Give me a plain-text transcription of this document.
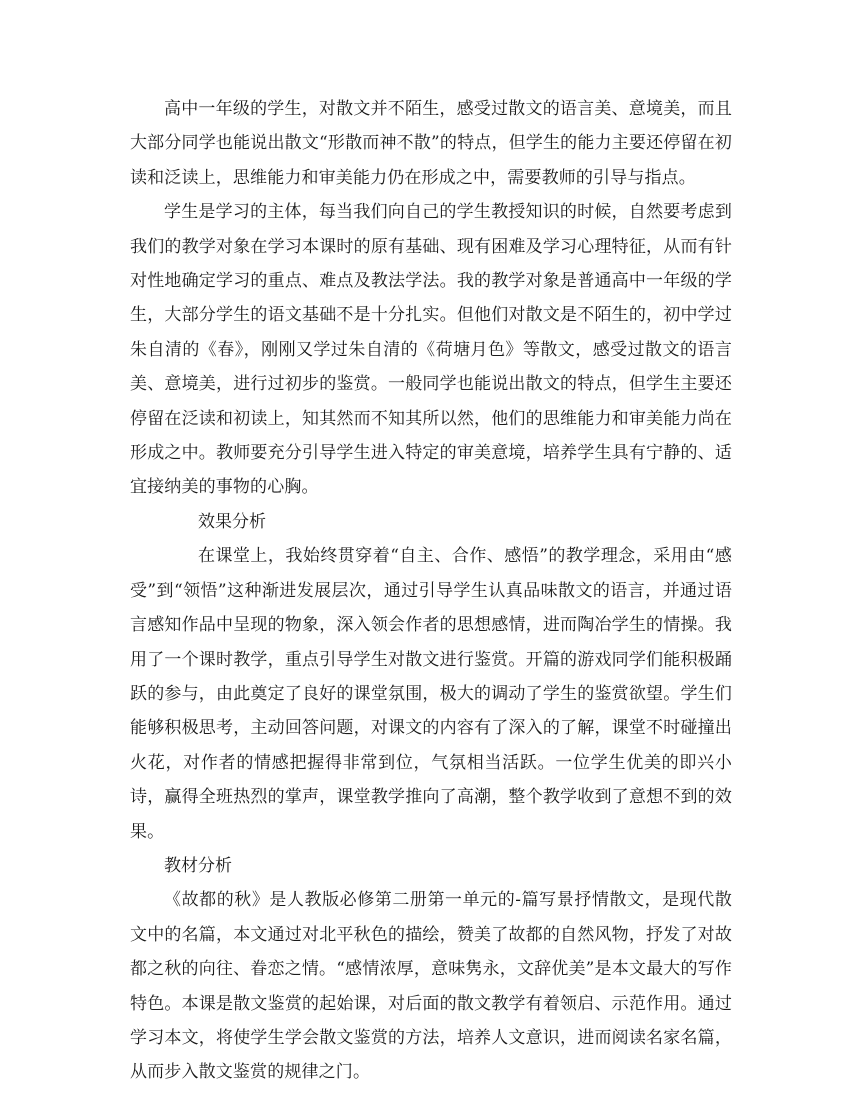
高中一年级的学生，对散文并不陌生，感受过散文的语言美、意境美，而且大部分同学也能说出散文“形散而神不散”的特点，但学生的能力主要还停留在初读和泛读上，思维能力和审美能力仍在形成之中，需要教师的引导与指点。

学生是学习的主体，每当我们向自己的学生教授知识的时候，自然要考虑到我们的教学对象在学习本课时的原有基础、现有困难及学习心理特征，从而有针对性地确定学习的重点、难点及教法学法。我的教学对象是普通高中一年级的学生，大部分学生的语文基础不是十分扎实。但他们对散文是不陌生的，初中学过朱自清的《春》，刚刚又学过朱自清的《荷塘月色》等散文，感受过散文的语言美、意境美，进行过初步的鉴赏。一般同学也能说出散文的特点，但学生主要还停留在泛读和初读上，知其然而不知其所以然，他们的思维能力和审美能力尚在形成之中。教师要充分引导学生进入特定的审美意境，培养学生具有宁静的、适宜接纳美的事物的心胸。

效果分析

在课堂上，我始终贯穿着“自主、合作、感悟”的教学理念，采用由“感受”到“领悟”这种渐进发展层次，通过引导学生认真品味散文的语言，并通过语言感知作品中呈现的物象，深入领会作者的思想感情，进而陶冶学生的情操。我用了一个课时教学，重点引导学生对散文进行鉴赏。开篇的游戏同学们能积极踊跃的参与，由此奠定了良好的课堂氛围，极大的调动了学生的鉴赏欲望。学生们能够积极思考，主动回答问题，对课文的内容有了深入的了解，课堂不时碰撞出火花，对作者的情感把握得非常到位，气氛相当活跃。一位学生优美的即兴小诗，赢得全班热烈的掌声，课堂教学推向了高潮，整个教学收到了意想不到的效果。

教材分析

《故都的秋》是人教版必修第二册第一单元的-篇写景抒情散文，是现代散文中的名篇，本文通过对北平秋色的描绘，赞美了故都的自然风物，抒发了对故都之秋的向往、眷恋之情。“感情浓厚，意味隽永，文辞优美”是本文最大的写作特色。本课是散文鉴赏的起始课，对后面的散文教学有着领启、示范作用。通过学习本文，将使学生学会散文鉴赏的方法，培养人文意识，进而阅读名家名篇，从而步入散文鉴赏的规律之门。
